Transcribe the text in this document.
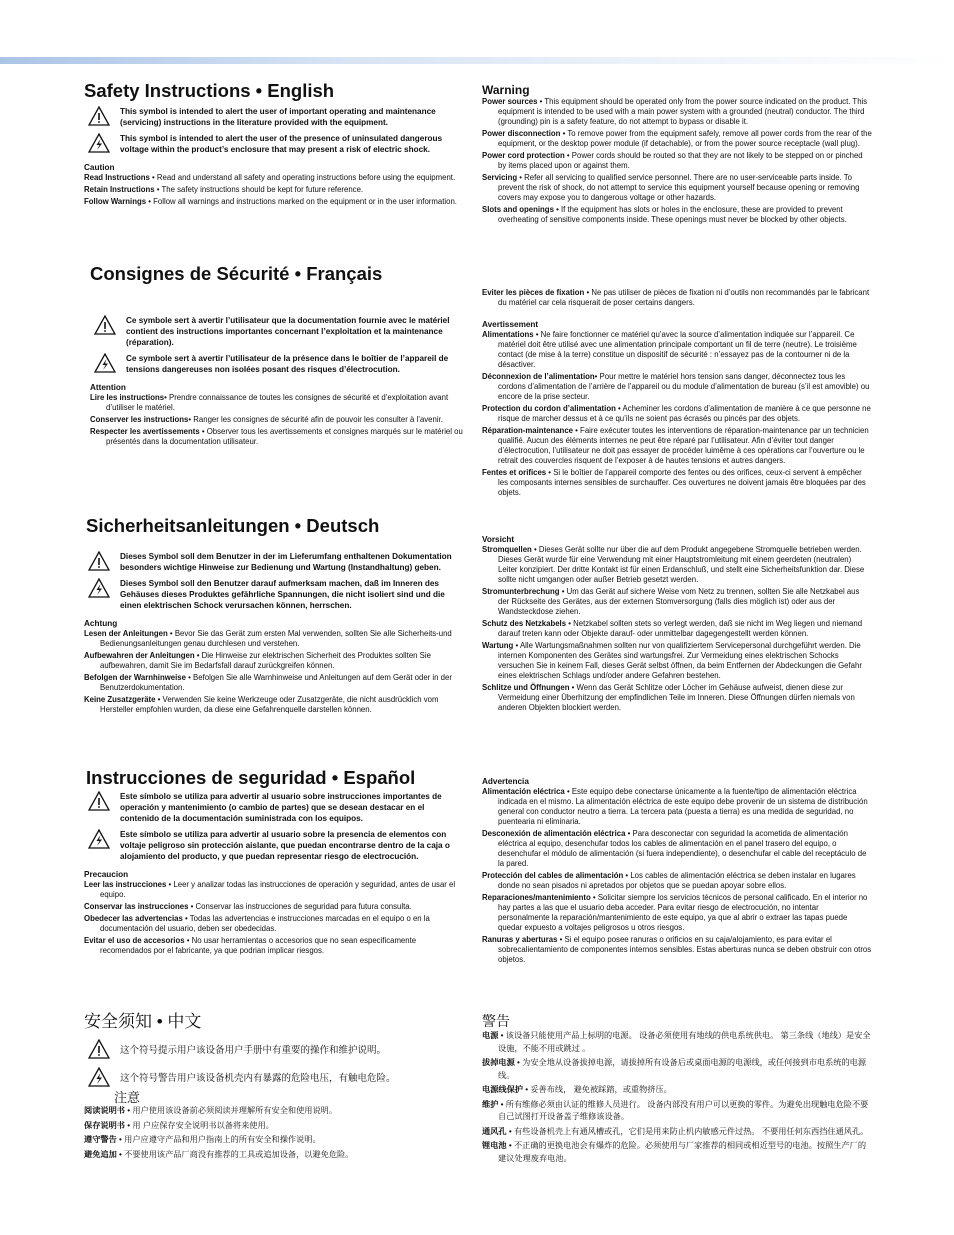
Safety Instructions • English
This symbol is intended to alert the user of important operating and maintenance (servicing) instructions in the literature provided with the equipment.
This symbol is intended to alert the user of the presence of uninsulated dangerous voltage within the product’s enclosure that may present a risk of electric shock.
Caution
Read Instructions • Read and understand all safety and operating instructions before using the equipment.
Retain Instructions • The safety instructions should be kept for future reference.
Follow Warnings • Follow all warnings and instructions marked on the equipment or in the user information.
Consignes de Sécurité • Français
Ce symbole sert à avertir l’utilisateur que la documentation fournie avec le matériel contient des instructions importantes concernant l’exploitation et la maintenance (réparation).
Ce symbole sert à avertir l’utilisateur de la présence dans le boîtier de l’appareil de tensions dangereuses non isolées posant des risques d’électrocution.
Attention
Lire les instructions• Prendre connaissance de toutes les consignes de sécurité et d’exploitation avant d’utiliser le matériel.
Conserver les instructions• Ranger les consignes de sécurité afin de pouvoir les consulter à l’avenir.
Respecter les avertissements • Observer tous les avertissements et consignes marqués sur le matériel ou présentés dans la documentation utilisateur.
Sicherheitsanleitungen • Deutsch
Dieses Symbol soll dem Benutzer in der im Lieferumfang enthaltenen Dokumentation besonders wichtige Hinweise zur Bedienung und Wartung (Instandhaltung) geben.
Dieses Symbol soll den Benutzer darauf aufmerksam machen, daß im Inneren des Gehäuses dieses Produktes gefährliche Spannungen, die nicht isoliert sind und die einen elektrischen Schock verursachen können, herrschen.
Achtung
Lesen der Anleitungen • Bevor Sie das Gerät zum ersten Mal verwenden, sollten Sie alle Sicherheits-und Bedienungsanleitungen genau durchlesen und verstehen.
Aufbewahren der Anleitungen • Die Hinweise zur elektrischen Sicherheit des Produktes sollten Sie aufbewahren, damit Sie im Bedarfsfall darauf zurückgreifen können.
Befolgen der Warnhinweise • Befolgen Sie alle Warnhinweise und Anleitungen auf dem Gerät oder in der Benutzerdokumentation.
Keine Zusatzgeräte • Verwenden Sie keine Werkzeuge oder Zusatzgeräte, die nicht ausdrücklich vom Hersteller empfohlen wurden, da diese eine Gefahrenquelle darstellen können.
Instrucciones de seguridad • Español
Este símbolo se utiliza para advertir al usuario sobre instrucciones importantes de operación y mantenimiento (o cambio de partes) que se desean destacar en el contenido de la documentación suministrada con los equipos.
Este símbolo se utiliza para advertir al usuario sobre la presencia de elementos con voltaje peligroso sin protección aislante, que puedan encontrarse dentro de la caja o alojamiento del producto, y que puedan representar riesgo de electrocución.
Precaucion
Leer las instrucciones • Leer y analizar todas las instrucciones de operación y seguridad, antes de usar el equipo.
Conservar las instrucciones • Conservar las instrucciones de seguridad para futura consulta.
Obedecer las advertencias • Todas las advertencias e instrucciones marcadas en el equipo o en la documentación del usuario, deben ser obedecidas.
Evitar el uso de accesorios • No usar herramientas o accesorios que no sean especificamente recomendados por el fabricante, ya que podrian implicar riesgos.
安全须知 • 中文
这个符号提示用户该设备用户手册中有重要的操作和维护说明。
这个符号警告用户该设备机壳内有暴露的危险电压，有触电危险。
注意
阅读说明书 • 用户使用该设备前必须阅读并理解所有安全和使用说明。
保存说明书 • 用 户应保存安全说明书以备将来使用。
遵守警告 • 用户应遵守产品和用户指南上的所有安全和操作说明。
避免追加 • 不要使用该产品厂商没有推荐的工具或追加设备，以避免危险。
Warning
Power sources • This equipment should be operated only from the power source indicated on the product. This equipment is intended to be used with a main power system with a grounded (neutral) conductor. The third (grounding) pin is a safety feature, do not attempt to bypass or disable it.
Power disconnection • To remove power from the equipment safely, remove all power cords from the rear of the equipment, or the desktop power module (if detachable), or from the power source receptacle (wall plug).
Power cord protection • Power cords should be routed so that they are not likely to be stepped on or pinched by items placed upon or against them.
Servicing • Refer all servicing to qualified service personnel. There are no user-serviceable parts inside. To prevent the risk of shock, do not attempt to service this equipment yourself because opening or removing covers may expose you to dangerous voltage or other hazards.
Slots and openings • If the equipment has slots or holes in the enclosure, these are provided to prevent overheating of sensitive components inside. These openings must never be blocked by other objects.
Eviter les pièces de fixation • Ne pas utiliser de pièces de fixation ni d’outils non recommandés par le fabricant du matériel car cela risquerait de poser certains dangers.
Avertissement
Alimentations • Ne faire fonctionner ce matériel qu’avec la source d’alimentation indiquée sur l’appareil. Ce matériel doit être utilisé avec une alimentation principale comportant un fil de terre (neutre). Le troisième contact (de mise à la terre) constitue un dispositif de sécurité : n’essayez pas de la contourner ni de la désactiver.
Déconnexion de l’alimentation• Pour mettre le matériel hors tension sans danger, déconnectez tous les cordons d’alimentation de l’arrière de l’appareil ou du module d’alimentation de bureau (s’il est amovible) ou encore de la prise secteur.
Protection du cordon d’alimentation • Acheminer les cordons d’alimentation de manière à ce que personne ne risque de marcher dessus et à ce qu’ils ne soient pas écrasés ou pincés par des objets.
Réparation-maintenance • Faire exécuter toutes les interventions de réparation-maintenance par un technicien qualifié. Aucun des éléments internes ne peut être réparé par l’utilisateur. Afin d’éviter tout danger d’électrocution, l’utilisateur ne doit pas essayer de procéder luimême à ces opérations car l’ouverture ou le retrait des couvercles risquent de l’exposer à de hautes tensions et autres dangers.
Fentes et orifices • Si le boîtier de l’appareil comporte des fentes ou des orifices, ceux-ci servent à empêcher les composants internes sensibles de surchauffer. Ces ouvertures ne doivent jamais être bloquées par des objets.
Vorsicht
Stromquellen • Dieses Gerät sollte nur über die auf dem Produkt angegebene Stromquelle betrieben werden. Dieses Gerät wurde für eine Verwendung mit einer Hauptstromleitung mit einem geerdeten (neutralen) Leiter konzipiert. Der dritte Kontakt ist für einen Erdanschluß, und stellt eine Sicherheitsfunktion dar. Diese sollte nicht umgangen oder außer Betrieb gesetzt werden.
Stromunterbrechung • Um das Gerät auf sichere Weise vom Netz zu trennen, sollten Sie alle Netzkabel aus der Rückseite des Gerätes, aus der externen Stomversorgung (falls dies möglich ist) oder aus der Wandsteckdose ziehen.
Schutz des Netzkabels • Netzkabel sollten stets so verlegt werden, daß sie nicht im Weg liegen und niemand darauf treten kann oder Objekte darauf- oder unmittelbar dagegengestellt werden können.
Wartung • Alle Wartungsmaßnahmen sollten nur von qualifiziertem Servicepersonal durchgeführt werden. Die internen Komponenten des Gerätes sind wartungsfrei. Zur Vermeidung eines elektrischen Schocks versuchen Sie in keinem Fall, dieses Gerät selbst öffnen, da beim Entfernen der Abdeckungen die Gefahr eines elektrischen Schlags und/oder andere Gefahren bestehen.
Schlitze und Öffnungen • Wenn das Gerät Schlitze oder Löcher im Gehäuse aufweist, dienen diese zur Vermeidung einer Überhitzung der empfindlichen Teile im Inneren. Diese Öffnungen dürfen niemals von anderen Objekten blockiert werden.
Advertencia
Alimentación eléctrica • Este equipo debe conectarse únicamente a la fuente/tipo de alimentación eléctrica indicada en el mismo. La alimentación eléctrica de este equipo debe provenir de un sistema de distribución general con conductor neutro a tierra. La tercera pata (puesta a tierra) es una medida de seguridad, no puentearia ni eliminaria.
Desconexión de alimentación eléctrica • Para desconectar con seguridad la acometida de alimentación eléctrica al equipo, desenchufar todos los cables de alimentación en el panel trasero del equipo, o desenchufar el módulo de alimentación (si fuera independiente), o desenchufar el cable del receptáculo de la pared.
Protección del cables de alimentación • Los cables de alimentación eléctrica se deben instalar en lugares donde no sean pisados ni apretados por objetos que se puedan apoyar sobre ellos.
Reparaciones/mantenimiento • Solicitar siempre los servicios técnicos de personal calificado. En el interior no hay partes a las que el usuario deba acceder. Para evitar riesgo de electrocución, no intentar personalmente la reparación/mantenimiento de este equipo, ya que al abrir o extraer las tapas puede quedar expuesto a voltajes peligrosos u otros riesgos.
Ranuras y aberturas • Si el equipo posee ranuras o orificios en su caja/alojamiento, es para evitar el sobrecalientamiento de componentes internos sensibles. Estas aberturas nunca se deben obstruir con otros objetos.
警告
电源 • 该设备只能使用产品上标明的电源。 设备必须使用有地线的供电系统供电。 第三条线（地线）是安全设施，不能不用或跳过 。
拔掉电源 • 为安全地从设备拔掉电源，请拔掉所有设备后或桌面电源的电源线，或任何接到市电系统的电源线。
电源线保护 • 妥善布线， 避免被踩踏，或重物挤压。
维护 • 所有维修必须由认证的维修人员进行。 设备内部没有用户可以更换的零件。为避免出现触电危险不要自己试图打开设备盖子维修该设备。
通风孔 • 有些设备机壳上有通风槽或孔，它们是用来防止机内敏感元件过热。 不要用任何东西挡住通风孔。
锂电池 • 不正确的更换电池会有爆炸的危险。必须使用与厂家推荐的相同或相近型号的电池。按照生产厂的建议处理废弃电池。
